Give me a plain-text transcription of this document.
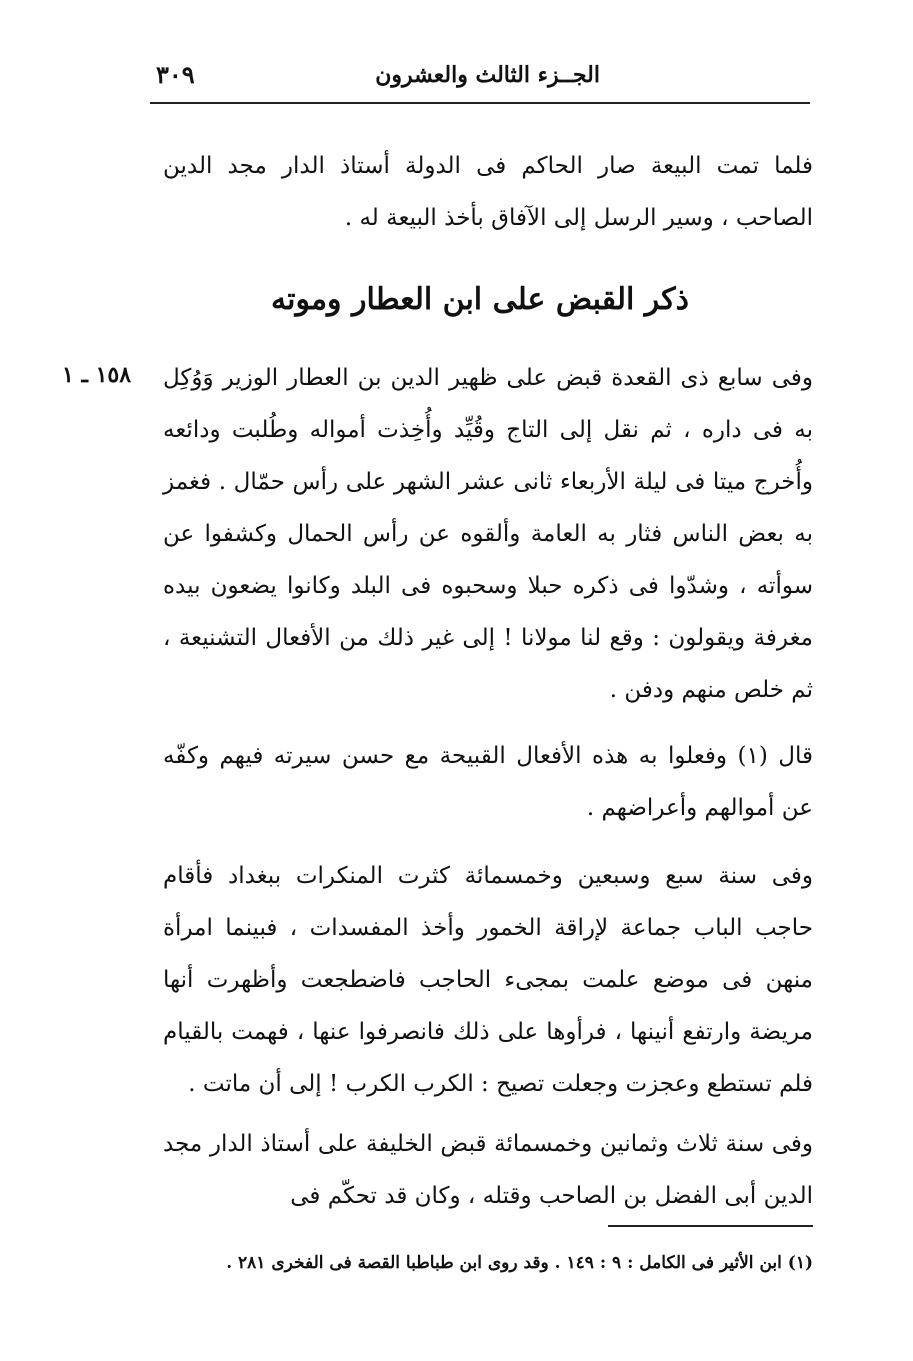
الجــزء الثالث والعشرون
٣٠٩
فلما تمت البيعة صار الحاكم فى الدولة أستاذ الدار مجد الدين الصاحب ، وسير الرسل إلى الآفاق بأخذ البيعة له .
ذكر القبض على ابن العطار وموته
١٥٨ ـ ١ وفى سابع ذى القعدة قبض على ظهير الدين بن العطار الوزير وَوُكِل به فى داره ، ثم نقل إلى التاج وقُيِّد وأُخِذت أمواله وطُلبت ودائعه وأُخرج ميتا فى ليلة الأربعاء ثانى عشر الشهر على رأس حمّال . فغمز به بعض الناس فثار به العامة وألقوه عن رأس الحمال وكشفوا عن سوأته ، وشدّوا فى ذكره حبلا وسحبوه فى البلد وكانوا يضعون بيده مغرفة ويقولون : وقع لنا مولانا ! إلى غير ذلك من الأفعال التشنيعة ، ثم خلص منهم ودفن .
قال (١) وفعلوا به هذه الأفعال القبيحة مع حسن سيرته فيهم وكفّه عن أموالهم وأعراضهم .
وفى سنة سبع وسبعين وخمسمائة كثرت المنكرات ببغداد فأقام حاجب الباب جماعة لإراقة الخمور وأخذ المفسدات ، فبينما امرأة منهن فى موضع علمت بمجىء الحاجب فاضطجعت وأظهرت أنها مريضة وارتفع أنينها ، فرأوها على ذلك فانصرفوا عنها ، فهمت بالقيام فلم تستطع وعجزت وجعلت تصيح : الكرب الكرب ! إلى أن ماتت .
وفى سنة ثلاث وثمانين وخمسمائة قبض الخليفة على أستاذ الدار مجد الدين أبى الفضل بن الصاحب وقتله ، وكان قد تحكّم فى
(١) ابن الأثير فى الكامل : ٩ : ١٤٩ . وقد روى ابن طباطبا القصة فى الفخرى ٢٨١ .
